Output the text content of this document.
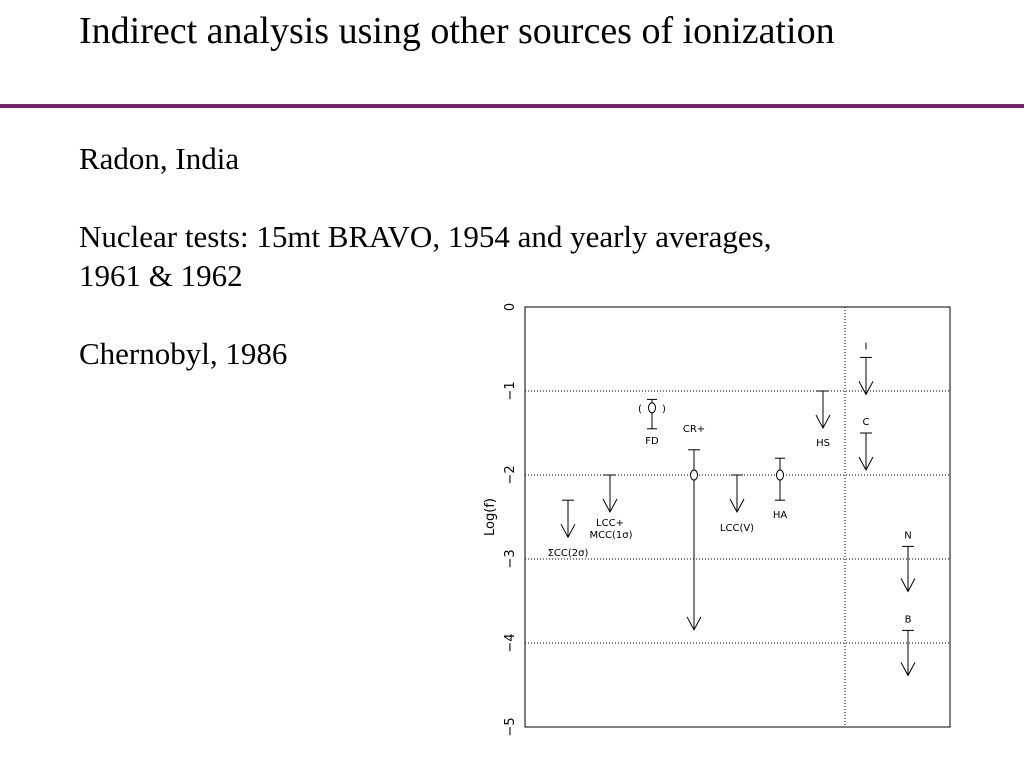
Indirect analysis using other sources of ionization

Radon, India

Nuclear tests: 15mt BRAVO, 1954 and yearly averages, 1961 & 1962

Chernobyl, 1986

0
−1
−2
−3
−4
−5
Log(f)
ΣCC(2σ)
LCC+
MCC(1σ)
CR+
LCC(V)
HS
I
C
N
B
( )
FD
HA
